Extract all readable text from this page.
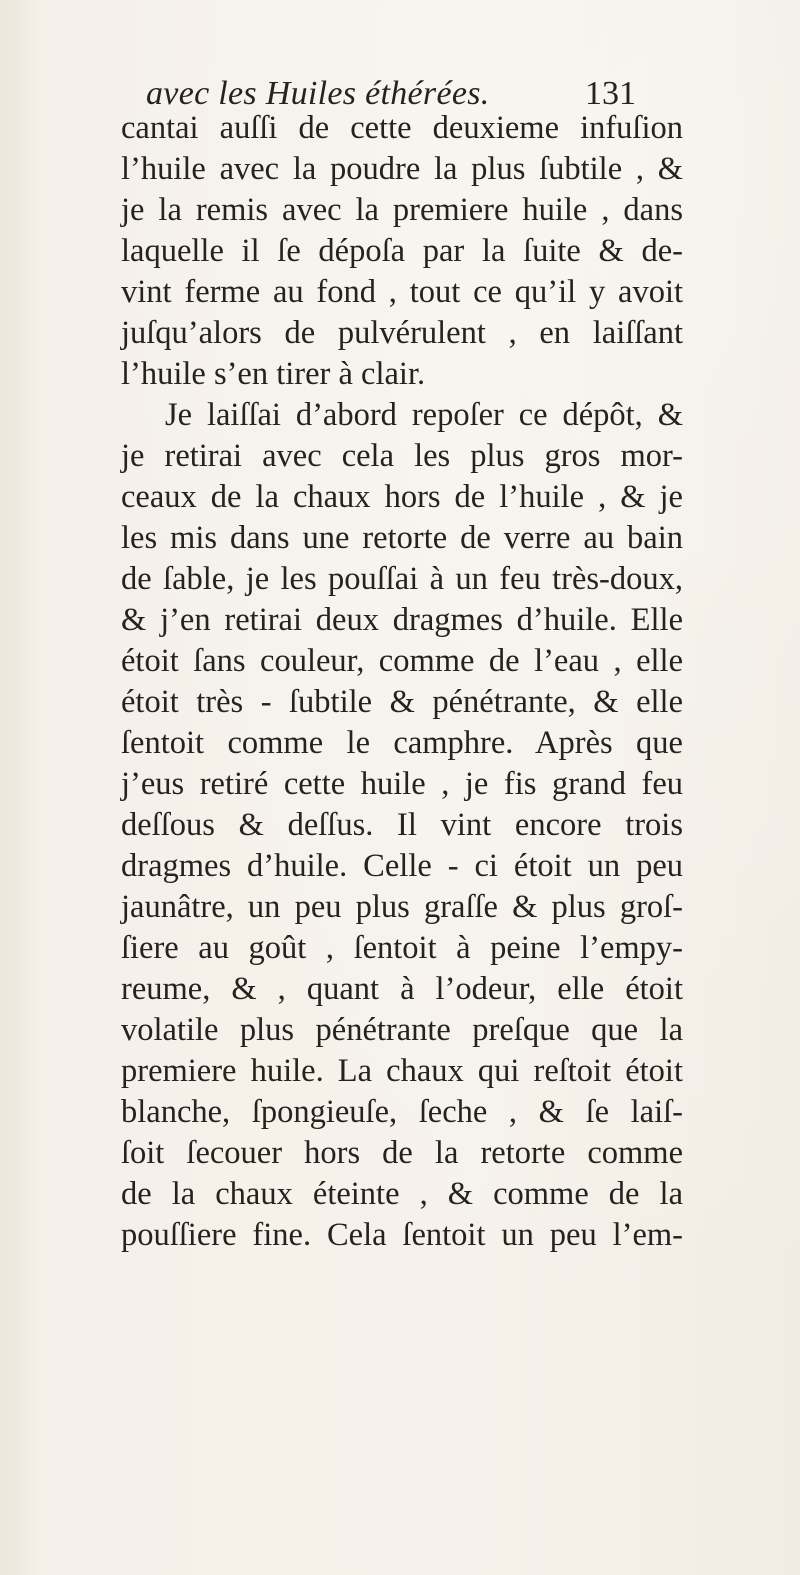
avec les Huiles éthérées.	131
cantai auſſi de cette deuxieme infuſion
l’huile avec la poudre la plus ſubtile , &
je la remis avec la premiere huile , dans
laquelle il ſe dépoſa par la ſuite & de-
vint ferme au fond , tout ce qu’il y avoit
juſqu’alors de pulvérulent , en laiſſant
l’huile s’en tirer à clair.
Je laiſſai d’abord repoſer ce dépôt, &
je retirai avec cela les plus gros mor-
ceaux de la chaux hors de l’huile , & je
les mis dans une retorte de verre au bain
de ſable, je les pouſſai à un feu très-doux,
& j’en retirai deux dragmes d’huile. Elle
étoit ſans couleur, comme de l’eau , elle
étoit très - ſubtile & pénétrante, & elle
ſentoit comme le camphre. Après que
j’eus retiré cette huile , je fis grand feu
deſſous & deſſus. Il vint encore trois
dragmes d’huile. Celle - ci étoit un peu
jaunâtre, un peu plus graſſe & plus groſ-
ſiere au goût , ſentoit à peine l’empy-
reume, & , quant à l’odeur, elle étoit
volatile plus pénétrante preſque que la
premiere huile. La chaux qui reſtoit étoit
blanche, ſpongieuſe, ſeche , & ſe laiſ-
ſoit ſecouer hors de la retorte comme
de la chaux éteinte , & comme de la
pouſſiere fine. Cela ſentoit un peu l’em-
